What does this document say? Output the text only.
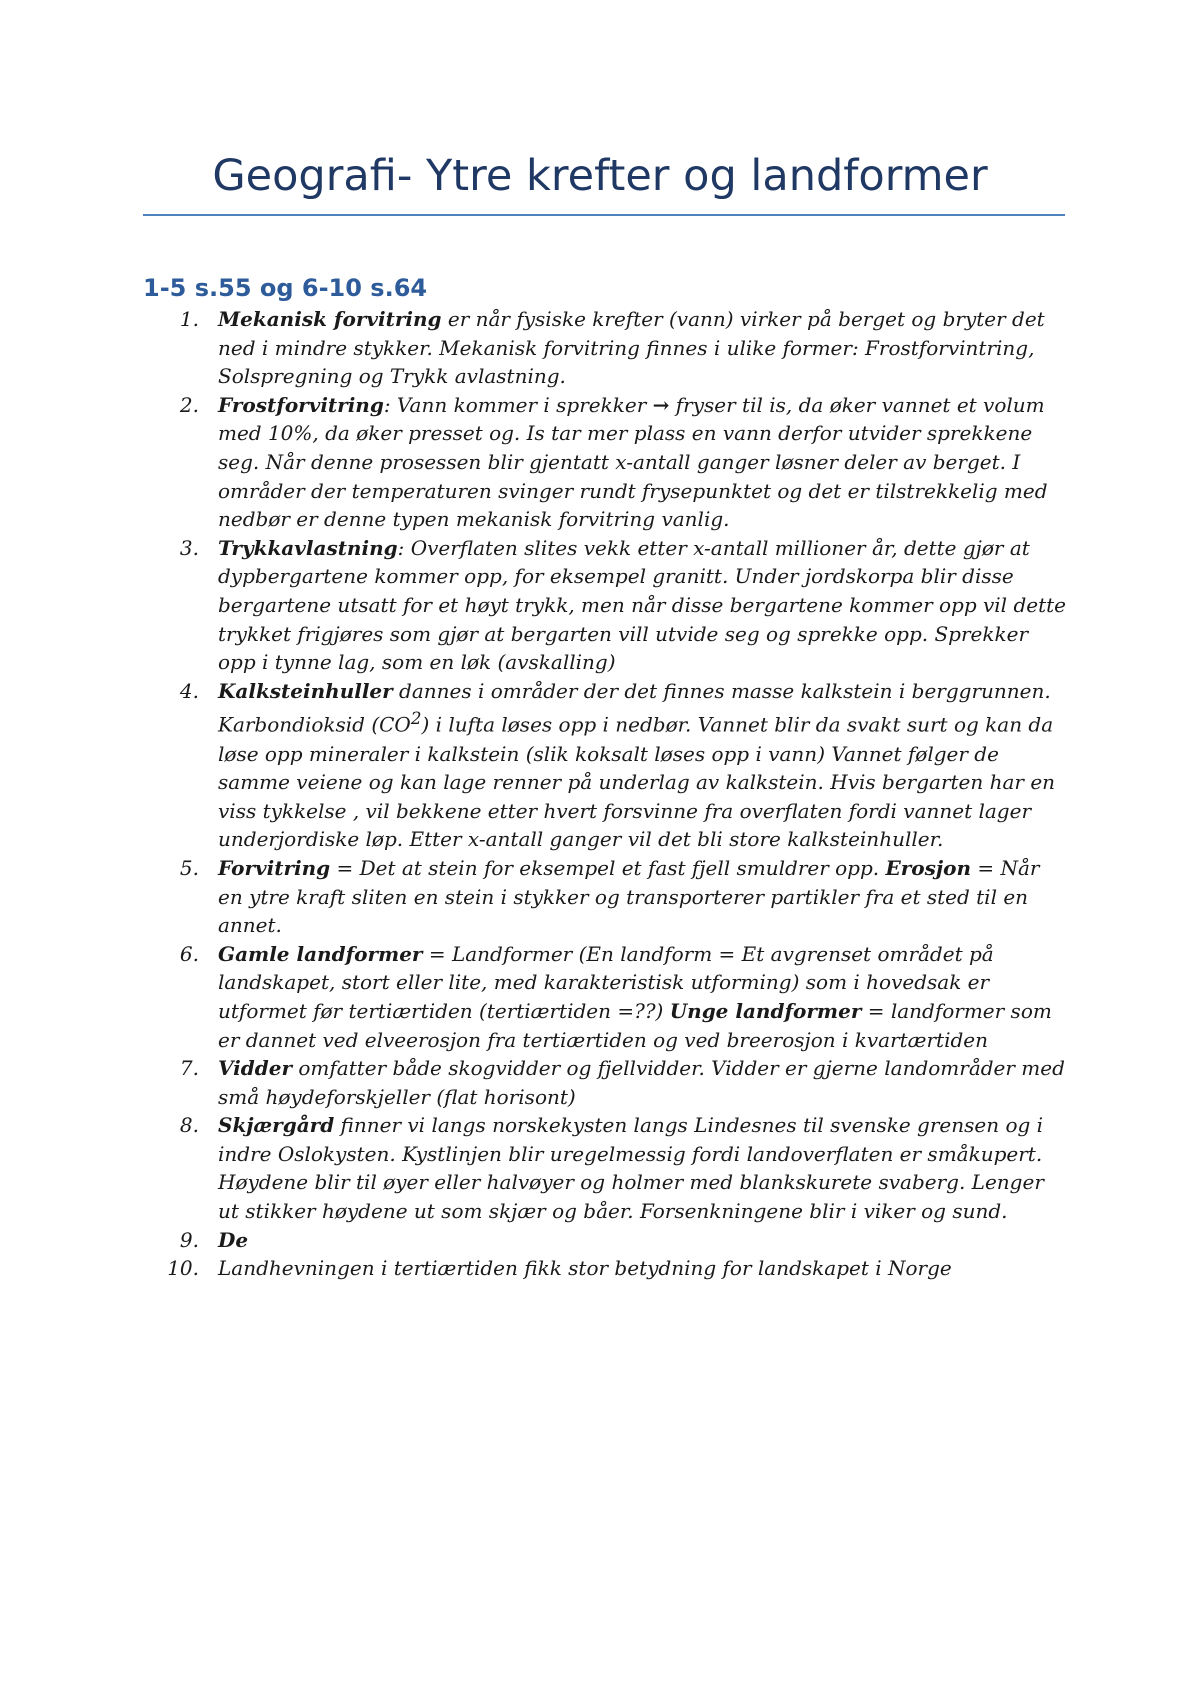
Geografi- Ytre krefter og landformer
1-5 s.55 og 6-10 s.64
1. Mekanisk forvitring er når fysiske krefter (vann) virker på berget og bryter det ned i mindre stykker. Mekanisk forvitring finnes i ulike former: Frostforvintring, Solspregning og Trykk avlastning.
2. Frostforvitring: Vann kommer i sprekker → fryser til is, da øker vannet et volum med 10%, da øker presset og. Is tar mer plass en vann derfor utvider sprekkene seg. Når denne prosessen blir gjentatt x-antall ganger løsner deler av berget. I områder der temperaturen svinger rundt frysepunktet og det er tilstrekkelig med nedbør er denne typen mekanisk forvitring vanlig.
3. Trykkavlastning: Overflaten slites vekk etter x-antall millioner år, dette gjør at dypbergartene kommer opp, for eksempel granitt. Under jordskorpa blir disse bergartene utsatt for et høyt trykk, men når disse bergartene kommer opp vil dette trykket frigjøres som gjør at bergarten vill utvide seg og sprekke opp. Sprekker opp i tynne lag, som en løk (avskalling)
4. Kalksteinhuller dannes i områder der det finnes masse kalkstein i berggrunnen. Karbondioksid $(CO^2)$ i lufta løses opp i nedbør. Vannet blir da svakt surt og kan da løse opp mineraler i kalkstein (slik koksalt løses opp i vann) Vannet følger de samme veiene og kan lage renner på underlag av kalkstein. Hvis bergarten har en viss tykkelse , vil bekkene etter hvert forsvinne fra overflaten fordi vannet lager underjordiske løp. Etter x-antall ganger vil det bli store kalksteinhuller.
5. Forvitring = Det at stein for eksempel et fast fjell smuldrer opp. Erosjon = Når en ytre kraft sliten en stein i stykker og transporterer partikler fra et sted til en annet.
6. Gamle landformer = Landformer (En landform = Et avgrenset området på landskapet, stort eller lite, med karakteristisk utforming) som i hovedsak er utformet før tertiærtiden (tertiærtiden =??) Unge landformer = landformer som er dannet ved elveerosjon fra tertiærtiden og ved breerosjon i kvartærtiden
7. Vidder omfatter både skogvidder og fjellvidder. Vidder er gjerne landområder med små høydeforskjeller (flat horisont)
8. Skjærgård finner vi langs norskekysten langs Lindesnes til svenske grensen og i indre Oslokysten. Kystlinjen blir uregelmessig fordi landoverflaten er småkupert. Høydene blir til øyer eller halvøyer og holmer med blankskurete svaberg. Lenger ut stikker høydene ut som skjær og båer. Forsenkningene blir i viker og sund.
9. De
10. Landhevningen i tertiærtiden fikk stor betydning for landskapet i Norge
